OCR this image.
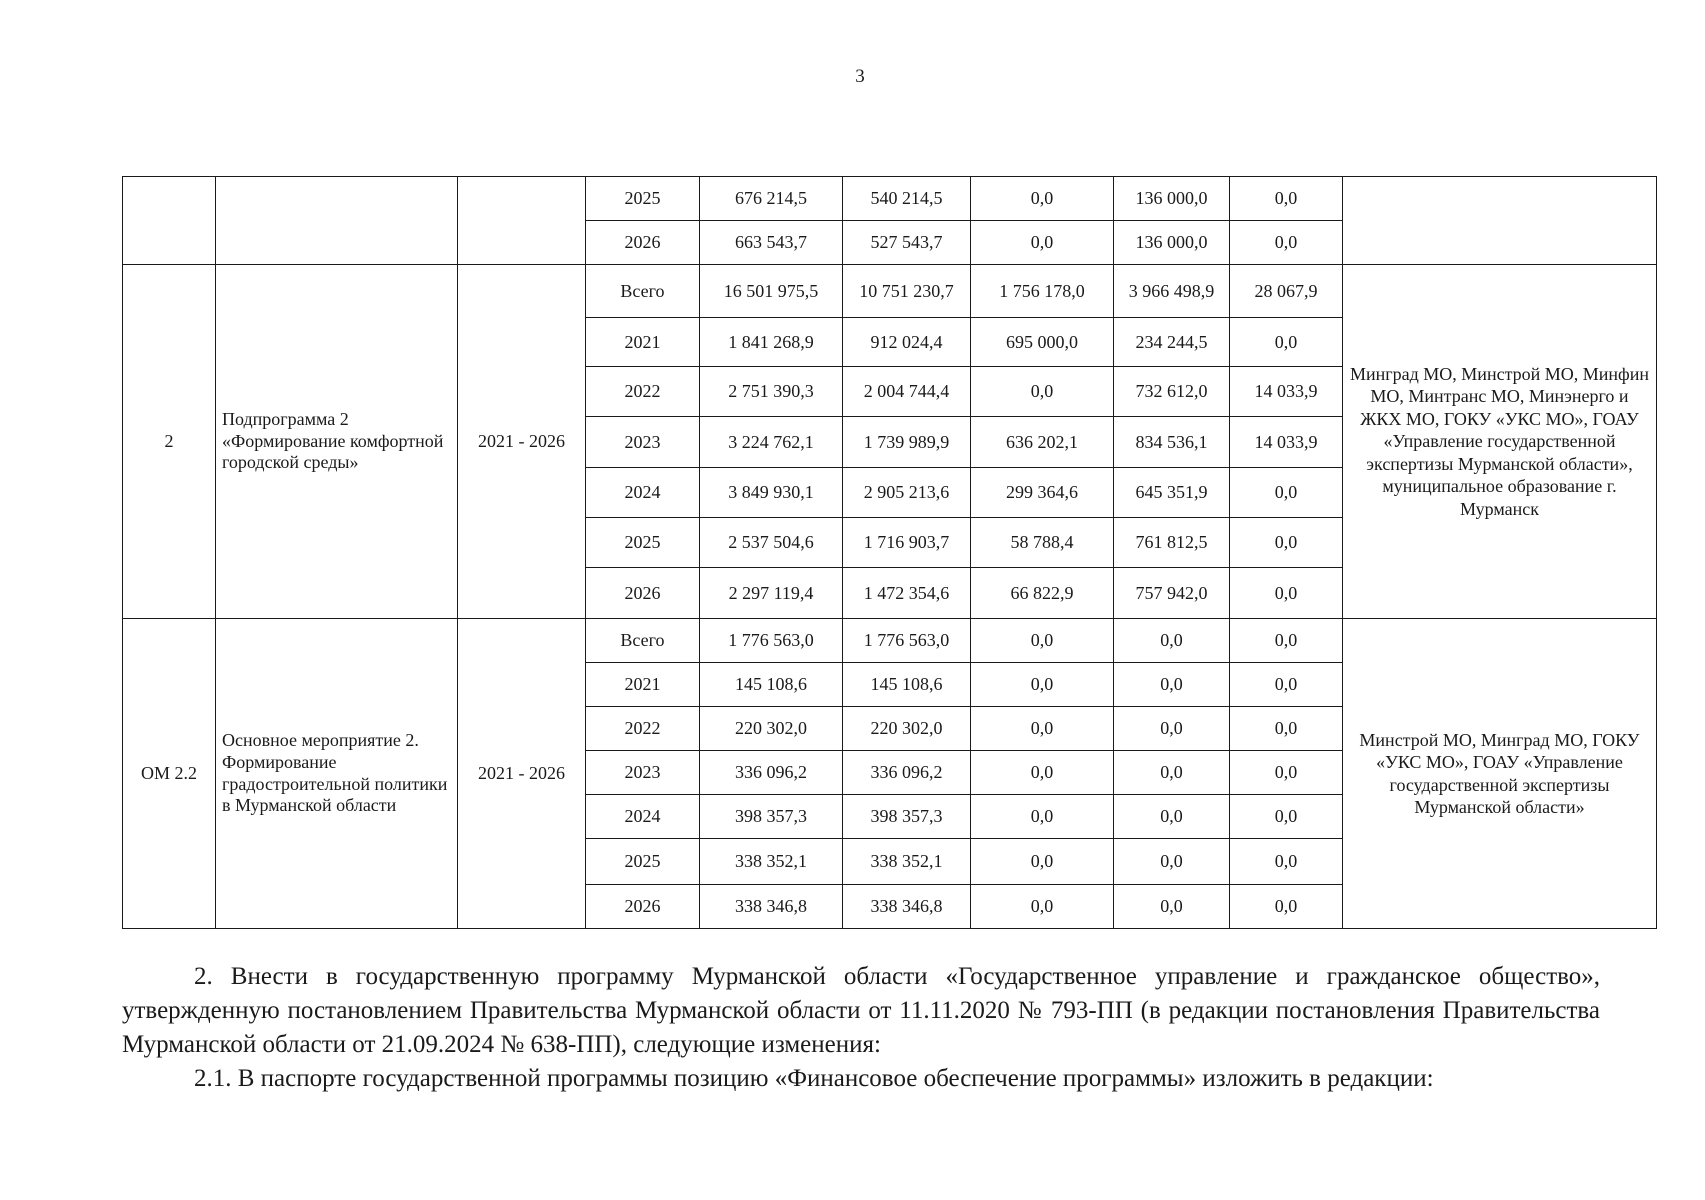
3
			2025	676 214,5	540 214,5	0,0	136 000,0	0,0	
			2026	663 543,7	527 543,7	0,0	136 000,0	0,0	
2	Подпрограмма 2 «Формирование комфортной городской среды»	2021 - 2026	Всего	16 501 975,5	10 751 230,7	1 756 178,0	3 966 498,9	28 067,9	Минград МО, Минстрой МО, Минфин МО, Минтранс МО, Минэнерго и ЖКХ МО, ГОКУ «УКС МО», ГОАУ «Управление государственной экспертизы Мурманской области», муниципальное образование г. Мурманск
			2021	1 841 268,9	912 024,4	695 000,0	234 244,5	0,0	
			2022	2 751 390,3	2 004 744,4	0,0	732 612,0	14 033,9	
			2023	3 224 762,1	1 739 989,9	636 202,1	834 536,1	14 033,9	
			2024	3 849 930,1	2 905 213,6	299 364,6	645 351,9	0,0	
			2025	2 537 504,6	1 716 903,7	58 788,4	761 812,5	0,0	
			2026	2 297 119,4	1 472 354,6	66 822,9	757 942,0	0,0	
ОМ 2.2	Основное мероприятие 2. Формирование градостроительной политики в Мурманской области	2021 - 2026	Всего	1 776 563,0	1 776 563,0	0,0	0,0	0,0	Минстрой МО, Минград МО, ГОКУ «УКС МО», ГОАУ «Управление государственной экспертизы Мурманской области»
			2021	145 108,6	145 108,6	0,0	0,0	0,0	
			2022	220 302,0	220 302,0	0,0	0,0	0,0	
			2023	336 096,2	336 096,2	0,0	0,0	0,0	
			2024	398 357,3	398 357,3	0,0	0,0	0,0	
			2025	338 352,1	338 352,1	0,0	0,0	0,0	
			2026	338 346,8	338 346,8	0,0	0,0	0,0	

2. Внести в государственную программу Мурманской области «Государственное управление и гражданское общество», утвержденную постановлением Правительства Мурманской области от 11.11.2020 № 793-ПП (в редакции постановления Правительства Мурманской области от 21.09.2024 № 638-ПП), следующие изменения:

2.1. В паспорте государственной программы позицию «Финансовое обеспечение программы» изложить в редакции:
